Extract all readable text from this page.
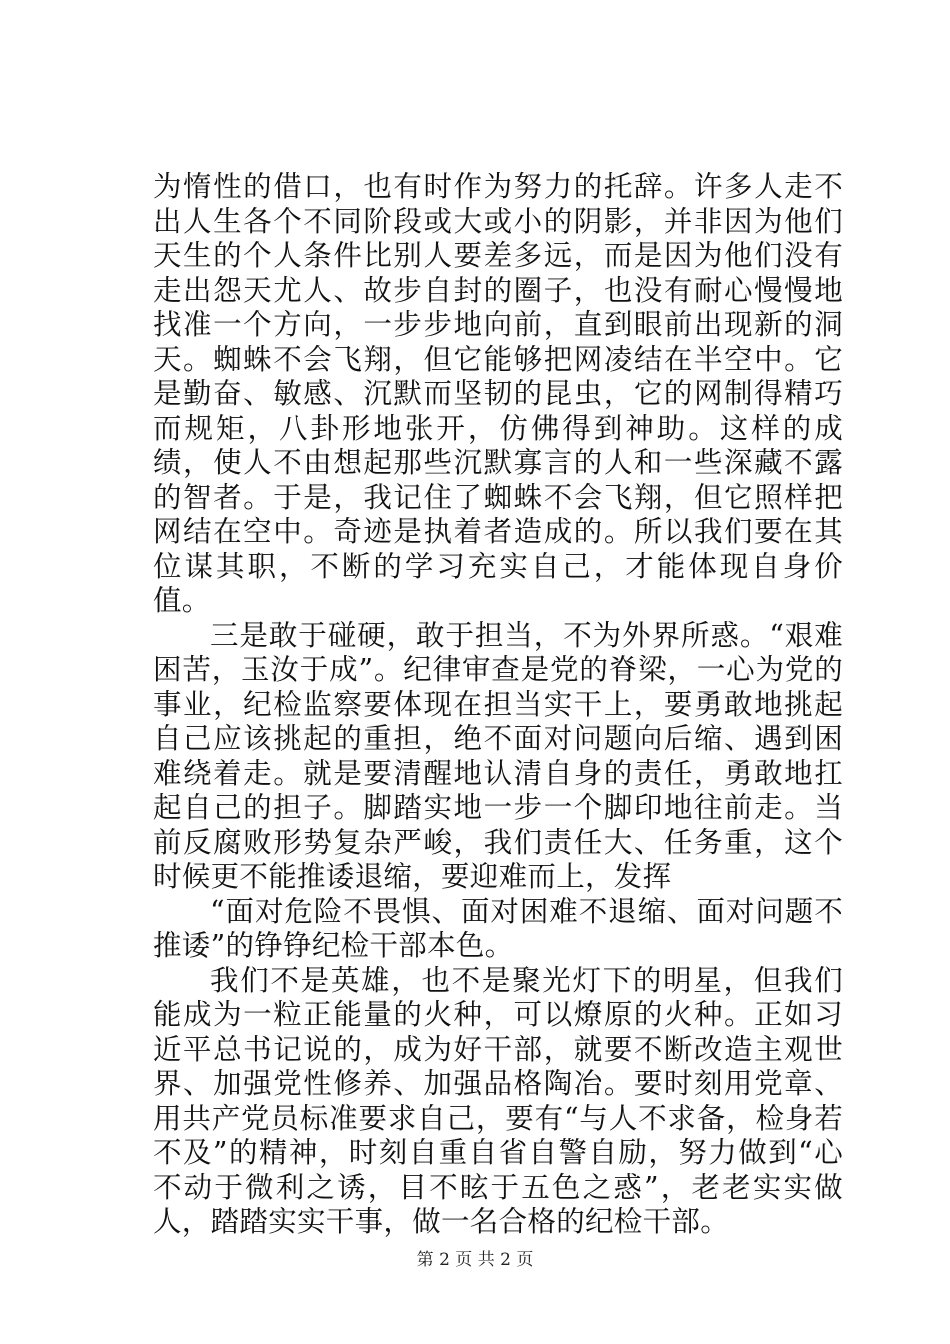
为惰性的借口，也有时作为努力的托辞。许多人走不出人生各个不同阶段或大或小的阴影，并非因为他们天生的个人条件比别人要差多远，而是因为他们没有走出怨天尤人、故步自封的圈子，也没有耐心慢慢地找准一个方向，一步步地向前，直到眼前出现新的洞天。蜘蛛不会飞翔，但它能够把网凌结在半空中。它是勤奋、敏感、沉默而坚韧的昆虫，它的网制得精巧而规矩，八卦形地张开，仿佛得到神助。这样的成绩，使人不由想起那些沉默寡言的人和一些深藏不露的智者。于是，我记住了蜘蛛不会飞翔，但它照样把网结在空中。奇迹是执着者造成的。所以我们要在其位谋其职，不断的学习充实自己，才能体现自身价值。

三是敢于碰硬，敢于担当，不为外界所惑。“艰难困苦，玉汝于成”。纪律审查是党的脊梁，一心为党的事业，纪检监察要体现在担当实干上，要勇敢地挑起自己应该挑起的重担，绝不面对问题向后缩、遇到困难绕着走。就是要清醒地认清自身的责任，勇敢地扛起自己的担子。脚踏实地一步一个脚印地往前走。当前反腐败形势复杂严峻，我们责任大、任务重，这个时候更不能推诿退缩，要迎难而上，发挥

“面对危险不畏惧、面对困难不退缩、面对问题不推诿”的铮铮纪检干部本色。

我们不是英雄，也不是聚光灯下的明星，但我们能成为一粒正能量的火种，可以燎原的火种。正如习近平总书记说的，成为好干部，就要不断改造主观世界、加强党性修养、加强品格陶冶。要时刻用党章、用共产党员标准要求自己，要有“与人不求备，检身若不及”的精神，时刻自重自省自警自励，努力做到“心不动于微利之诱，目不眩于五色之惑”，老老实实做人，踏踏实实干事，做一名合格的纪检干部。

第 2 页 共 2 页
